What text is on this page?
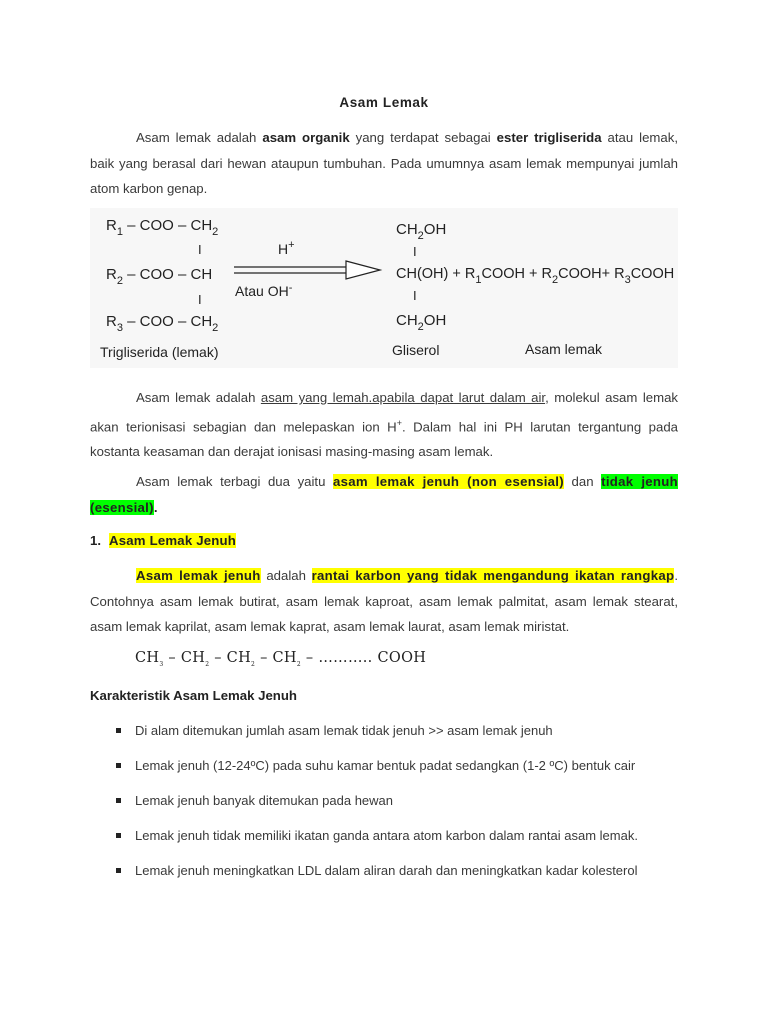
Asam Lemak
Asam lemak adalah asam organik yang terdapat sebagai ester trigliserida atau lemak, baik yang berasal dari hewan ataupun tumbuhan. Pada umumnya asam lemak mempunyai jumlah atom karbon genap.
$R_1$ – COO – $CH_2$
I
$R_2$ – COO – CH
I
$R_3$ – COO – $CH_2$
Trigliserida (lemak)
H+
Atau OH-
$CH_2OH$
I
$CH(OH) + R_1COOH$ + $R_2COOH+$ $R_3COOH$
I
$CH_2OH$
Gliserol	Asam lemak
Asam lemak adalah asam yang lemah.apabila dapat larut dalam air, molekul asam lemak akan terionisasi sebagian dan melepaskan ion H+. Dalam hal ini PH larutan tergantung pada kostanta keasaman dan derajat ionisasi masing-masing asam lemak.
Asam lemak terbagi dua yaitu asam lemak jenuh (non esensial) dan tidak jenuh (esensial).
1. Asam Lemak Jenuh
Asam lemak jenuh adalah rantai karbon yang tidak mengandung ikatan rangkap. Contohnya asam lemak butirat, asam lemak kaproat, asam lemak palmitat, asam lemak stearat, asam lemak kaprilat, asam lemak kaprat, asam lemak laurat, asam lemak miristat.
$CH_3 - CH_2 - CH_2 - CH_2$ – ……….. COOH
Karakteristik Asam Lemak Jenuh
Di alam ditemukan jumlah asam lemak tidak jenuh >> asam lemak jenuh
Lemak jenuh (12-24ºC) pada suhu kamar bentuk padat sedangkan (1-2 ºC) bentuk cair
Lemak jenuh banyak ditemukan pada hewan
Lemak jenuh tidak memiliki ikatan ganda antara atom karbon dalam rantai asam lemak.
Lemak jenuh meningkatkan LDL dalam aliran darah dan meningkatkan kadar kolesterol
